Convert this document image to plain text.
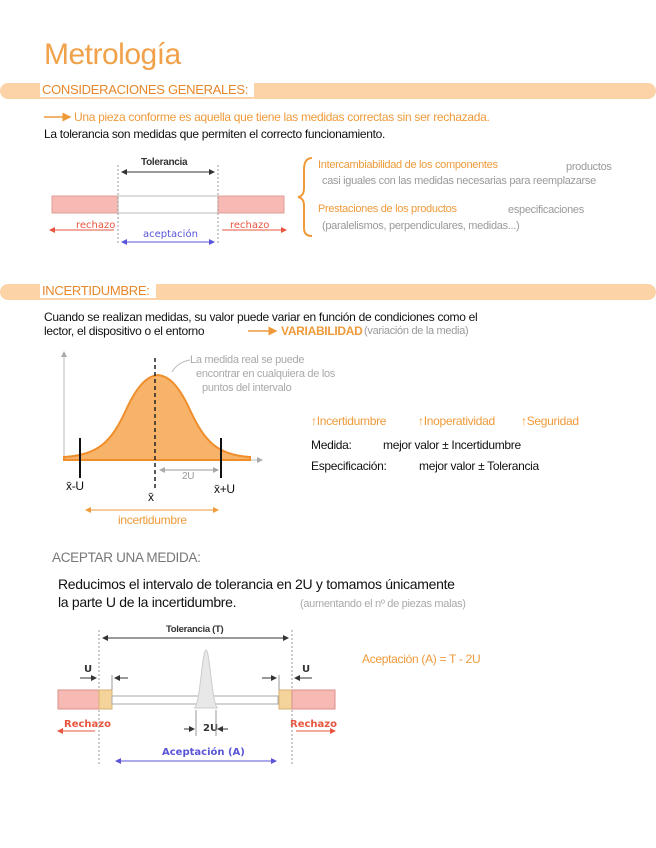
Metrología
CONSIDERACIONES GENERALES:
Una pieza conforme es aquella que tiene las medidas correctas sin ser rechazada.
La tolerancia son medidas que permiten el correcto funcionamiento.
Tolerancia
rechazo	rechazo
aceptación
Intercambiabilidad de los componentes	productos
casi iguales con las medidas necesarias para reemplazarse
Prestaciones de los productos	especificaciones
(paralelismos, perpendiculares, medidas...)
INCERTIDUMBRE:
Cuando se realizan medidas, su valor puede variar en función de condiciones como el
lector, el dispositivo o el entorno	VARIABILIDAD (variación de la media)
La medida real se puede
encontrar en cualquiera de los
puntos del intervalo
x̄-U
x̄
x̄+U
2U
incertidumbre
↑Incertidumbre	↑Inoperatividad ↑Seguridad
Medida:	mejor valor ± Incertidumbre
Especificación:	mejor valor ± Tolerancia
ACEPTAR UNA MEDIDA:
Reducimos el intervalo de tolerancia en 2U y tomamos únicamente
la parte U de la incertidumbre.	(aumentando el nº de piezas malas)
Tolerancia (T)
U	U
2U
Rechazo	Rechazo
Aceptación (A)
Aceptación (A) = T - 2U
